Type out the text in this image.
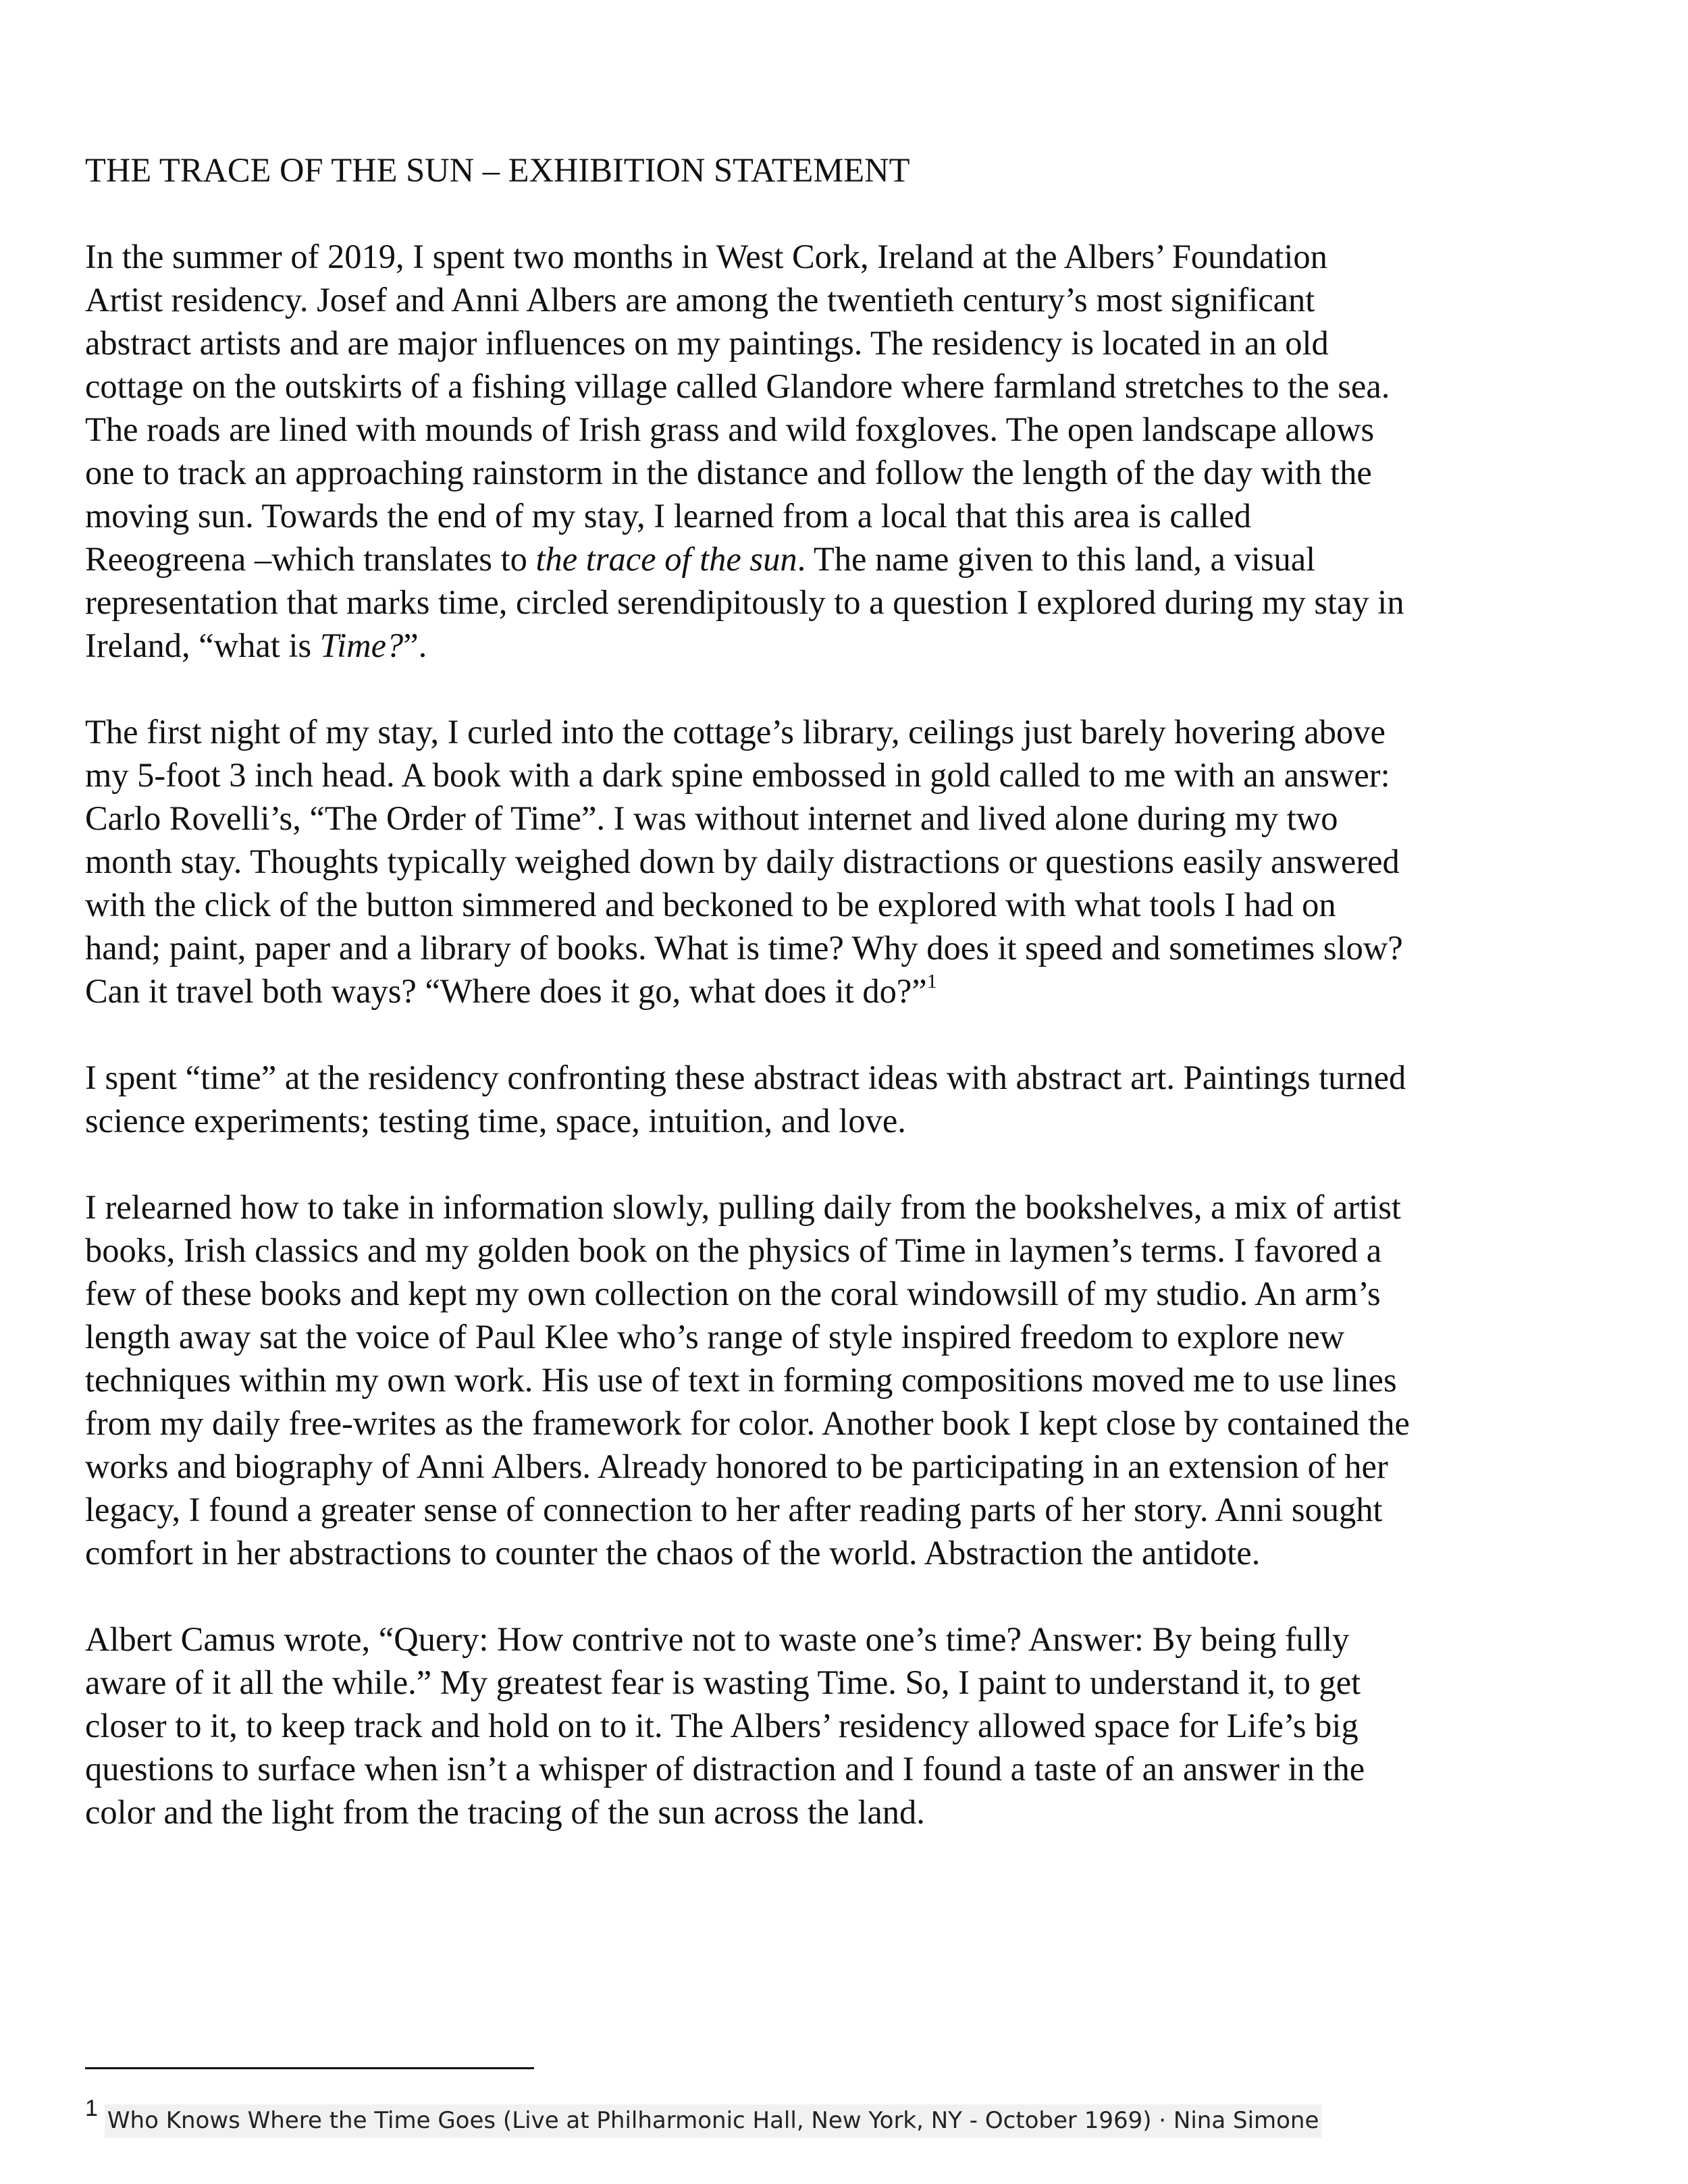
THE TRACE OF THE SUN – EXHIBITION STATEMENT
In the summer of 2019, I spent two months in West Cork, Ireland at the Albers’ Foundation
Artist residency. Josef and Anni Albers are among the twentieth century’s most significant
abstract artists and are major influences on my paintings. The residency is located in an old
cottage on the outskirts of a fishing village called Glandore where farmland stretches to the sea.
The roads are lined with mounds of Irish grass and wild foxgloves. The open landscape allows
one to track an approaching rainstorm in the distance and follow the length of the day with the
moving sun. Towards the end of my stay, I learned from a local that this area is called
Reeogreena –which translates to the trace of the sun. The name given to this land, a visual
representation that marks time, circled serendipitously to a question I explored during my stay in
Ireland, “what is Time?”.
The first night of my stay, I curled into the cottage’s library, ceilings just barely hovering above
my 5-foot 3 inch head. A book with a dark spine embossed in gold called to me with an answer:
Carlo Rovelli’s, “The Order of Time”. I was without internet and lived alone during my two
month stay. Thoughts typically weighed down by daily distractions or questions easily answered
with the click of the button simmered and beckoned to be explored with what tools I had on
hand; paint, paper and a library of books. What is time? Why does it speed and sometimes slow?
Can it travel both ways? “Where does it go, what does it do?”$^1$
I spent “time” at the residency confronting these abstract ideas with abstract art. Paintings turned
science experiments; testing time, space, intuition, and love.
I relearned how to take in information slowly, pulling daily from the bookshelves, a mix of artist
books, Irish classics and my golden book on the physics of Time in laymen’s terms. I favored a
few of these books and kept my own collection on the coral windowsill of my studio. An arm’s
length away sat the voice of Paul Klee who’s range of style inspired freedom to explore new
techniques within my own work. His use of text in forming compositions moved me to use lines
from my daily free-writes as the framework for color. Another book I kept close by contained the
works and biography of Anni Albers. Already honored to be participating in an extension of her
legacy, I found a greater sense of connection to her after reading parts of her story. Anni sought
comfort in her abstractions to counter the chaos of the world. Abstraction the antidote.
Albert Camus wrote, “Query: How contrive not to waste one’s time? Answer: By being fully
aware of it all the while.” My greatest fear is wasting Time. So, I paint to understand it, to get
closer to it, to keep track and hold on to it. The Albers’ residency allowed space for Life’s big
questions to surface when isn’t a whisper of distraction and I found a taste of an answer in the
color and the light from the tracing of the sun across the land.
1 Who Knows Where the Time Goes (Live at Philharmonic Hall, New York, NY - October 1969) · Nina Simone
